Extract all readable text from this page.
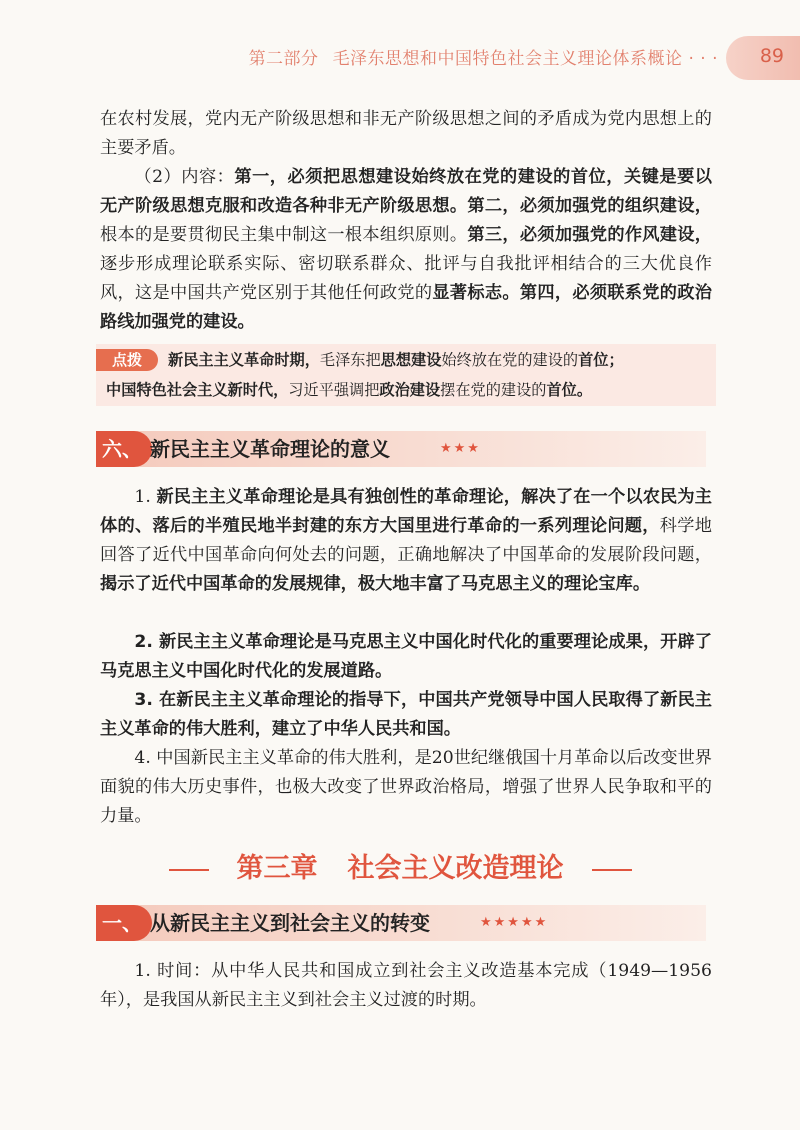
第二部分 毛泽东思想和中国特色社会主义理论体系概论 · · · 89

在农村发展，党内无产阶级思想和非无产阶级思想之间的矛盾成为党内思想上的主要矛盾。

（2）内容：第一，必须把思想建设始终放在党的建设的首位，关键是要以无产阶级思想克服和改造各种非无产阶级思想。第二，必须加强党的组织建设，根本的是要贯彻民主集中制这一根本组织原则。第三，必须加强党的作风建设，逐步形成理论联系实际、密切联系群众、批评与自我批评相结合的三大优良作风，这是中国共产党区别于其他任何政党的显著标志。第四，必须联系党的政治路线加强党的建设。

点拨	新民主主义革命时期，毛泽东把思想建设始终放在党的建设的首位；
中国特色社会主义新时代，习近平强调把政治建设摆在党的建设的首位。
六、 新民主主义革命理论的意义	★★★

1. 新民主主义革命理论是具有独创性的革命理论，解决了在一个以农民为主体的、落后的半殖民地半封建的东方大国里进行革命的一系列理论问题，科学地回答了近代中国革命向何处去的问题，正确地解决了中国革命的发展阶段问题，揭示了近代中国革命的发展规律，极大地丰富了马克思主义的理论宝库。

2. 新民主主义革命理论是马克思主义中国化时代化的重要理论成果，开辟了马克思主义中国化时代化的发展道路。

3. 在新民主主义革命理论的指导下，中国共产党领导中国人民取得了新民主主义革命的伟大胜利，建立了中华人民共和国。

4. 中国新民主主义革命的伟大胜利，是20世纪继俄国十月革命以后改变世界面貌的伟大历史事件，也极大改变了世界政治格局，增强了世界人民争取和平的力量。

第三章 社会主义改造理论
一、 从新民主主义到社会主义的转变	★★★★★

1. 时间：从中华人民共和国成立到社会主义改造基本完成（1949—1956年），是我国从新民主主义到社会主义过渡的时期。
